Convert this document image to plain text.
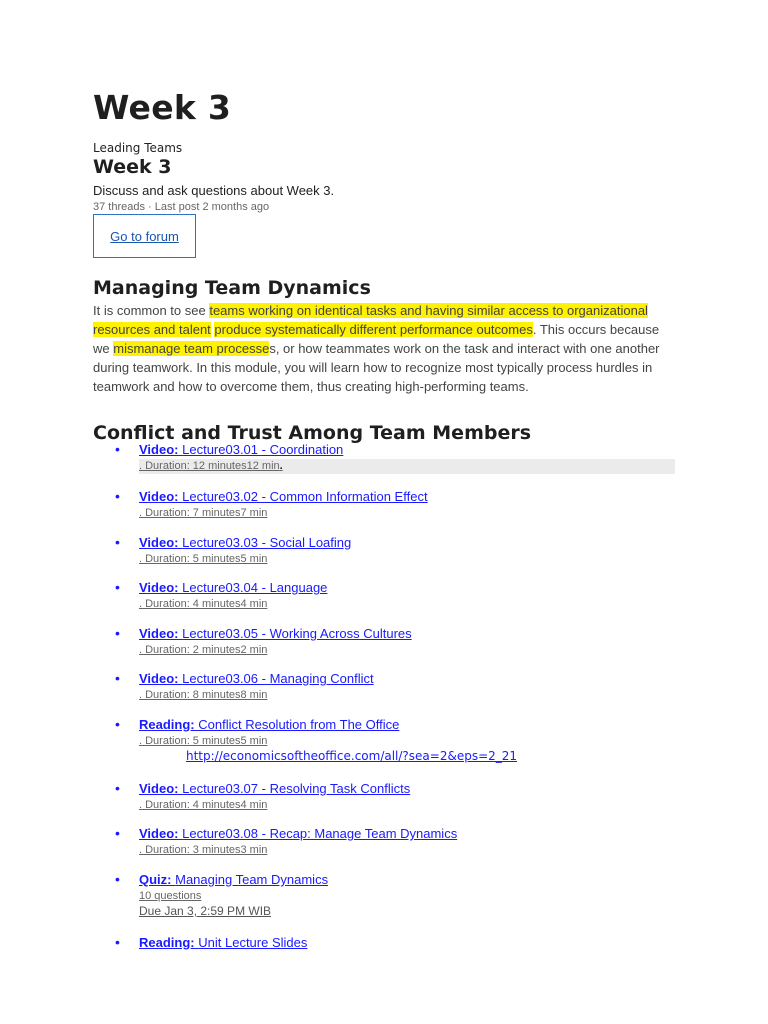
Week 3
Leading Teams
Week 3
Discuss and ask questions about Week 3.
37 threads · Last post 2 months ago
Go to forum
Managing Team Dynamics
It is common to see teams working on identical tasks and having similar access to organizational resources and talent produce systematically different performance outcomes. This occurs because we mismanage team processes, or how teammates work on the task and interact with one another during teamwork. In this module, you will learn how to recognize most typically process hurdles in teamwork and how to overcome them, thus creating high-performing teams.
Conflict and Trust Among Team Members
• Video: Lecture03.01 - Coordination
. Duration: 12 minutes12 min.
• Video: Lecture03.02 - Common Information Effect
. Duration: 7 minutes7 min
• Video: Lecture03.03 - Social Loafing
. Duration: 5 minutes5 min
• Video: Lecture03.04 - Language
. Duration: 4 minutes4 min
• Video: Lecture03.05 - Working Across Cultures
. Duration: 2 minutes2 min
• Video: Lecture03.06 - Managing Conflict
. Duration: 8 minutes8 min
• Reading: Conflict Resolution from The Office
. Duration: 5 minutes5 min
http://economicsoftheoffice.com/all/?sea=2&eps=2_21
• Video: Lecture03.07 - Resolving Task Conflicts
. Duration: 4 minutes4 min
• Video: Lecture03.08 - Recap: Manage Team Dynamics
. Duration: 3 minutes3 min
• Quiz: Managing Team Dynamics
10 questions
Due Jan 3, 2:59 PM WIB
• Reading: Unit Lecture Slides
